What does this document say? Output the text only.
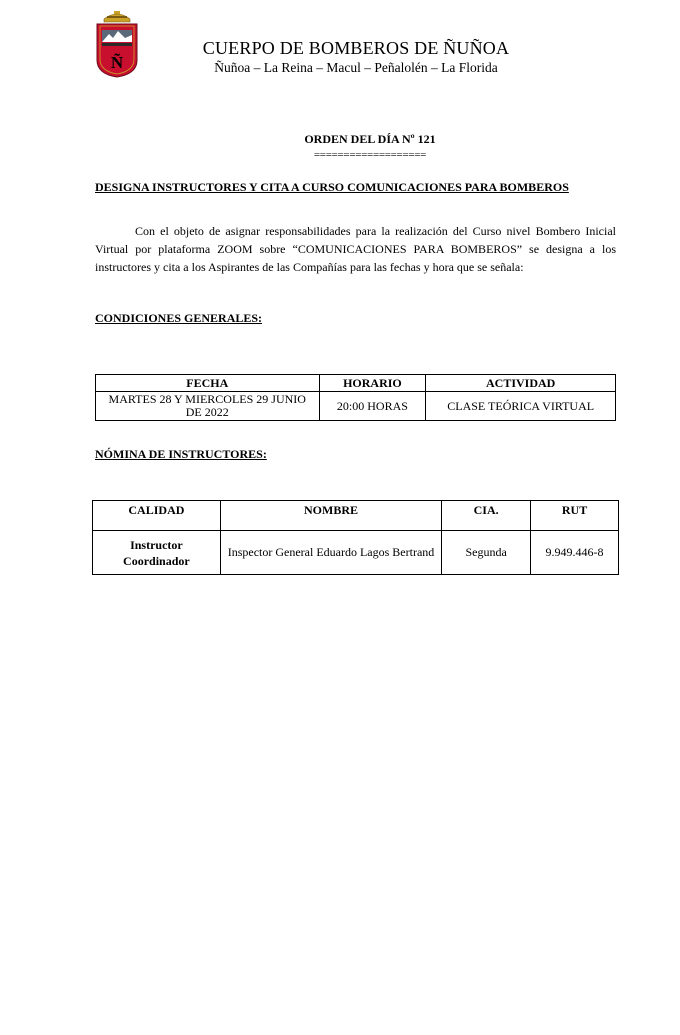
Ñ
CUERPO DE BOMBEROS DE ÑUÑOA
Ñuñoa – La Reina – Macul – Peñalolén – La Florida
ORDEN DEL DÍA Nº 121
===================
DESIGNA INSTRUCTORES Y CITA A CURSO COMUNICACIONES PARA BOMBEROS

Con el objeto de asignar responsabilidades para la realización del Curso nivel Bombero Inicial Virtual por plataforma ZOOM sobre “COMUNICACIONES PARA BOMBEROS” se designa a los instructores y cita a los Aspirantes de las Compañías para las fechas y hora que se señala:

CONDICIONES GENERALES:
FECHA	HORARIO	ACTIVIDAD
MARTES 28 Y MIERCOLES 29 JUNIO DE 2022	20:00 HORAS	CLASE TEÓRICA VIRTUAL
NÓMINA DE INSTRUCTORES:
CALIDAD	NOMBRE	CIA.	RUT
Instructor Coordinador	Inspector General Eduardo Lagos Bertrand	Segunda	9.949.446-8
